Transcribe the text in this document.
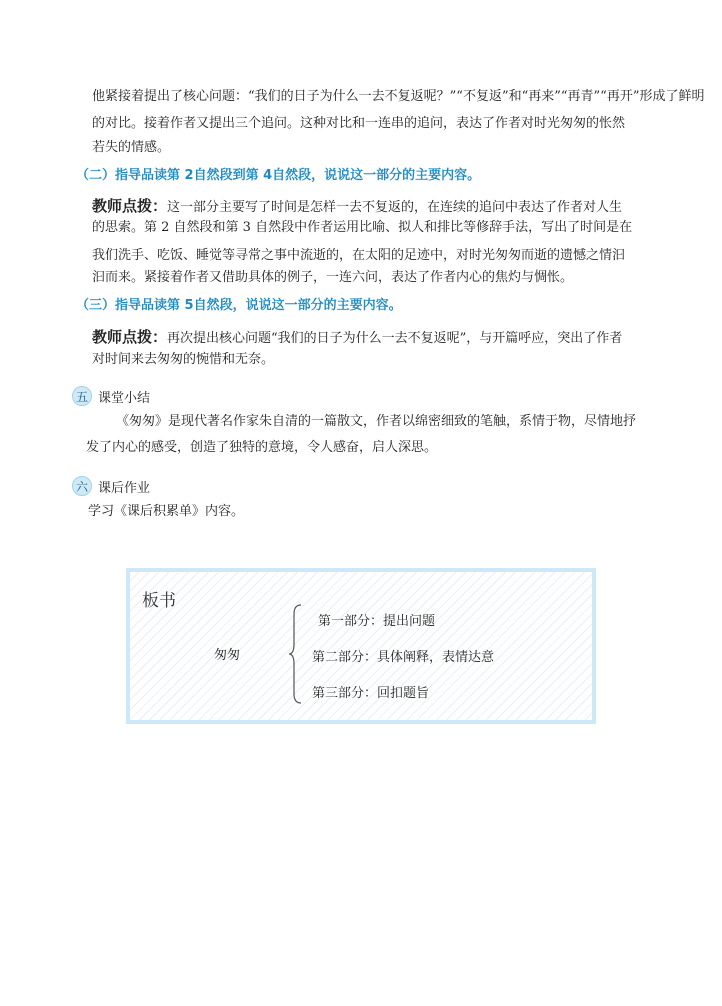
他紧接着提出了核心问题：“我们的日子为什么一去不复返呢？”“不复返”和“再来”“再青”“再开”形成了鲜明

的对比。接着作者又提出三个追问。这种对比和一连串的追问，表达了作者对时光匆匆的怅然

若失的情感。

（二）指导品读第 2自然段到第 4自然段，说说这一部分的主要内容。

教师点拨：这一部分主要写了时间是怎样一去不复返的，在连续的追问中表达了作者对人生

的思索。第 2 自然段和第 3 自然段中作者运用比喻、拟人和排比等修辞手法，写出了时间是在

我们洗手、吃饭、睡觉等寻常之事中流逝的，在太阳的足迹中，对时光匆匆而逝的遗憾之情汩

汩而来。紧接着作者又借助具体的例子，一连六问，表达了作者内心的焦灼与惆怅。

（三）指导品读第 5自然段，说说这一部分的主要内容。

教师点拨：再次提出核心问题“我们的日子为什么一去不复返呢”，与开篇呼应，突出了作者

对时间来去匆匆的惋惜和无奈。

五 课堂小结

《匆匆》是现代著名作家朱自清的一篇散文，作者以绵密细致的笔触，系情于物，尽情地抒

发了内心的感受，创造了独特的意境，令人感奋，启人深思。

六 课后作业

学习《课后积累单》内容。

板书
匆匆
第一部分：提出问题
第二部分：具体阐释，表情达意
第三部分：回扣题旨
